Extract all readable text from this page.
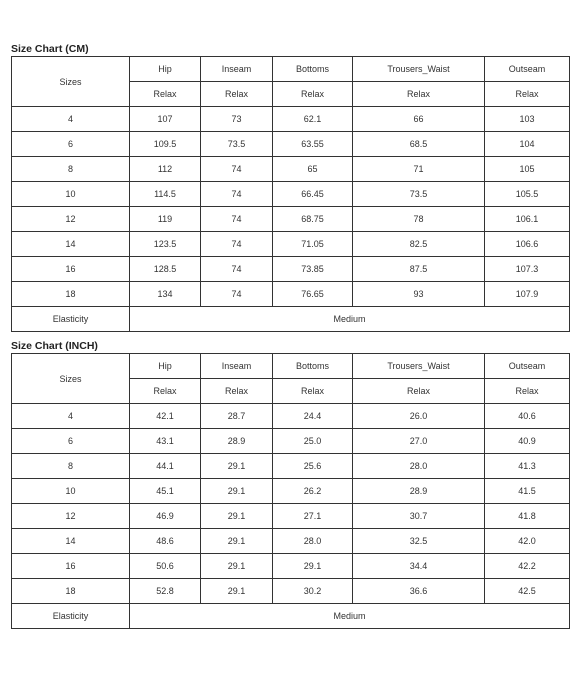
Size Chart (CM)
Sizes	Hip	Inseam	Bottoms	Trousers_Waist	Outseam
	Relax	Relax	Relax	Relax	Relax
4	107	73	62.1	66	103
6	109.5	73.5	63.55	68.5	104
8	112	74	65	71	105
10	114.5	74	66.45	73.5	105.5
12	119	74	68.75	78	106.1
14	123.5	74	71.05	82.5	106.6
16	128.5	74	73.85	87.5	107.3
18	134	74	76.65	93	107.9
Elasticity	Medium				
Size Chart (INCH)
Sizes	Hip	Inseam	Bottoms	Trousers_Waist	Outseam
	Relax	Relax	Relax	Relax	Relax
4	42.1	28.7	24.4	26.0	40.6
6	43.1	28.9	25.0	27.0	40.9
8	44.1	29.1	25.6	28.0	41.3
10	45.1	29.1	26.2	28.9	41.5
12	46.9	29.1	27.1	30.7	41.8
14	48.6	29.1	28.0	32.5	42.0
16	50.6	29.1	29.1	34.4	42.2
18	52.8	29.1	30.2	36.6	42.5
Elasticity	Medium				
